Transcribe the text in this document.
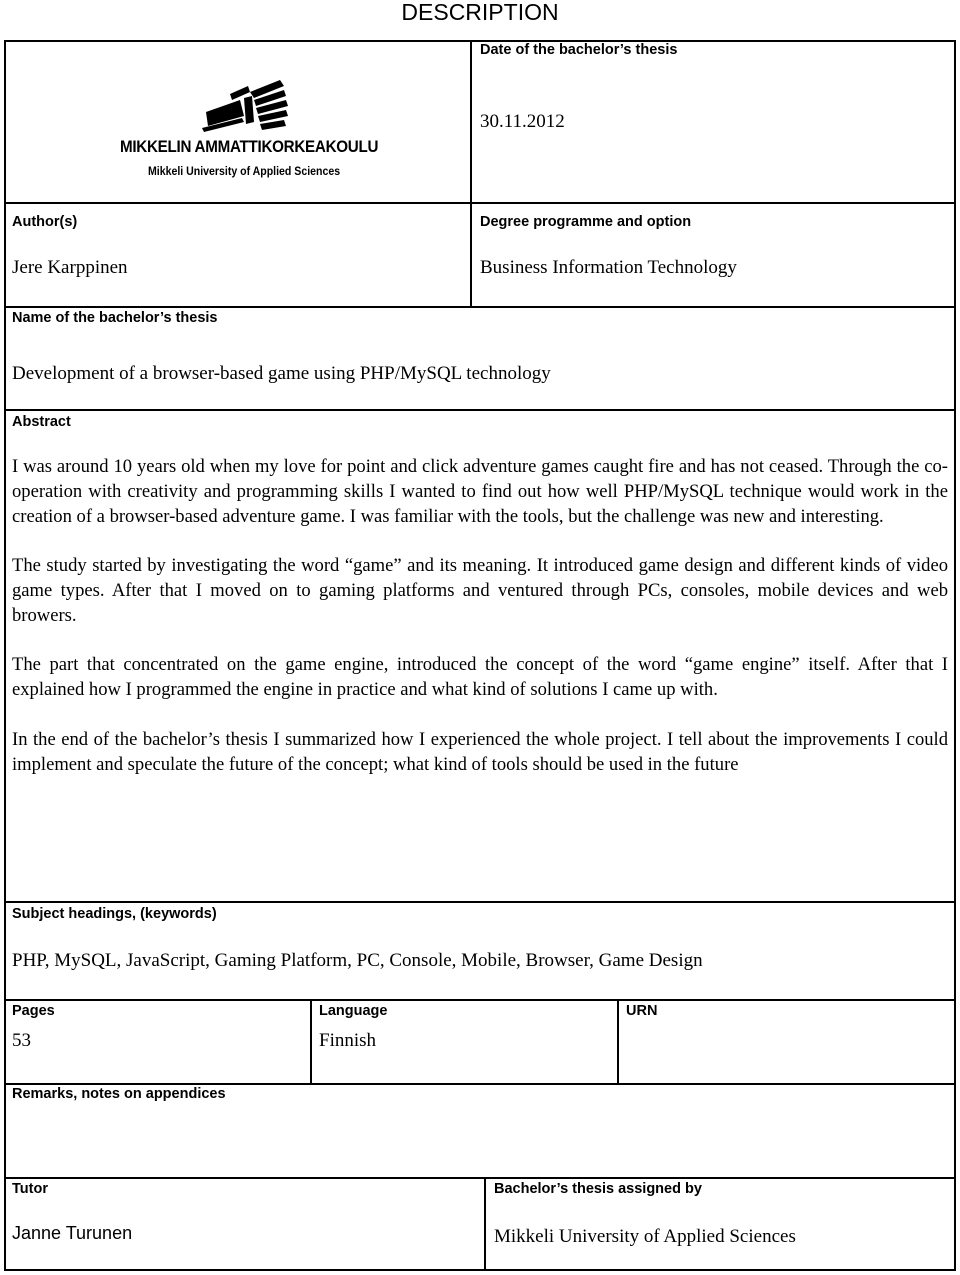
DESCRIPTION
MIKKELIN AMMATTIKORKEAKOULU
Mikkeli University of Applied Sciences
Date of the bachelor’s thesis
30.11.2012
Author(s)
Jere Karppinen
Degree programme and option
Business Information Technology
Name of the bachelor’s thesis
Development of a browser-based game using PHP/MySQL technology
Abstract

I was around 10 years old when my love for point and click adventure games caught fire and has not ceased. Through the co-operation with creativity and programming skills I wanted to find out how well PHP/MySQL technique would work in the creation of a browser-based adventure game. I was familiar with the tools, but the challenge was new and interesting.

The study started by investigating the word “game” and its meaning. It introduced game design and different kinds of video game types. After that I moved on to gaming platforms and ventured through PCs, consoles, mobile devices and web browers.

The part that concentrated on the game engine, introduced the concept of the word “game engine” itself. After that I explained how I programmed the engine in practice and what kind of solutions I came up with.

In the end of the bachelor’s thesis I summarized how I experienced the whole project. I tell about the improvements I could implement and speculate the future of the concept; what kind of tools should be used in the future

Subject headings, (keywords)
PHP, MySQL, JavaScript, Gaming Platform, PC, Console, Mobile, Browser, Game Design
Pages
53
Language
Finnish
URN
Remarks, notes on appendices
Tutor
Janne Turunen
Bachelor’s thesis assigned by
Mikkeli University of Applied Sciences
